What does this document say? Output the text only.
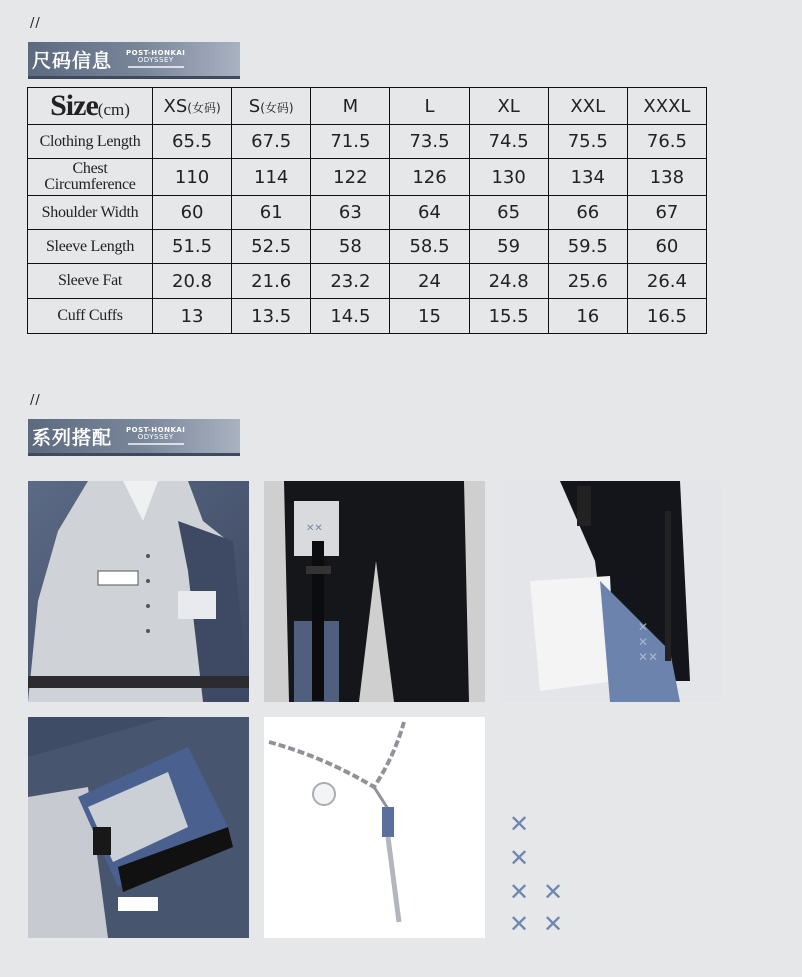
//
尺码信息 POST-HONKAI
ODYSSEY
Size(cm)	XS(女码)	S(女码)	M	L	XL	XXL	XXXL
Clothing Length	65.5	67.5	71.5	73.5	74.5	75.5	76.5
Chest Circumference	110	114	122	126	130	134	138
Shoulder Width	60	61	63	64	65	66	67
Sleeve Length	51.5	52.5	58	58.5	59	59.5	60
Sleeve Fat	20.8	21.6	23.2	24	24.8	25.6	26.4
Cuff Cuffs	13	13.5	14.5	15	15.5	16	16.5
//
系列搭配 POST-HONKAI
ODYSSEY
✕✕
✕
✕
✕✕
✕
✕
✕ ✕
✕ ✕
